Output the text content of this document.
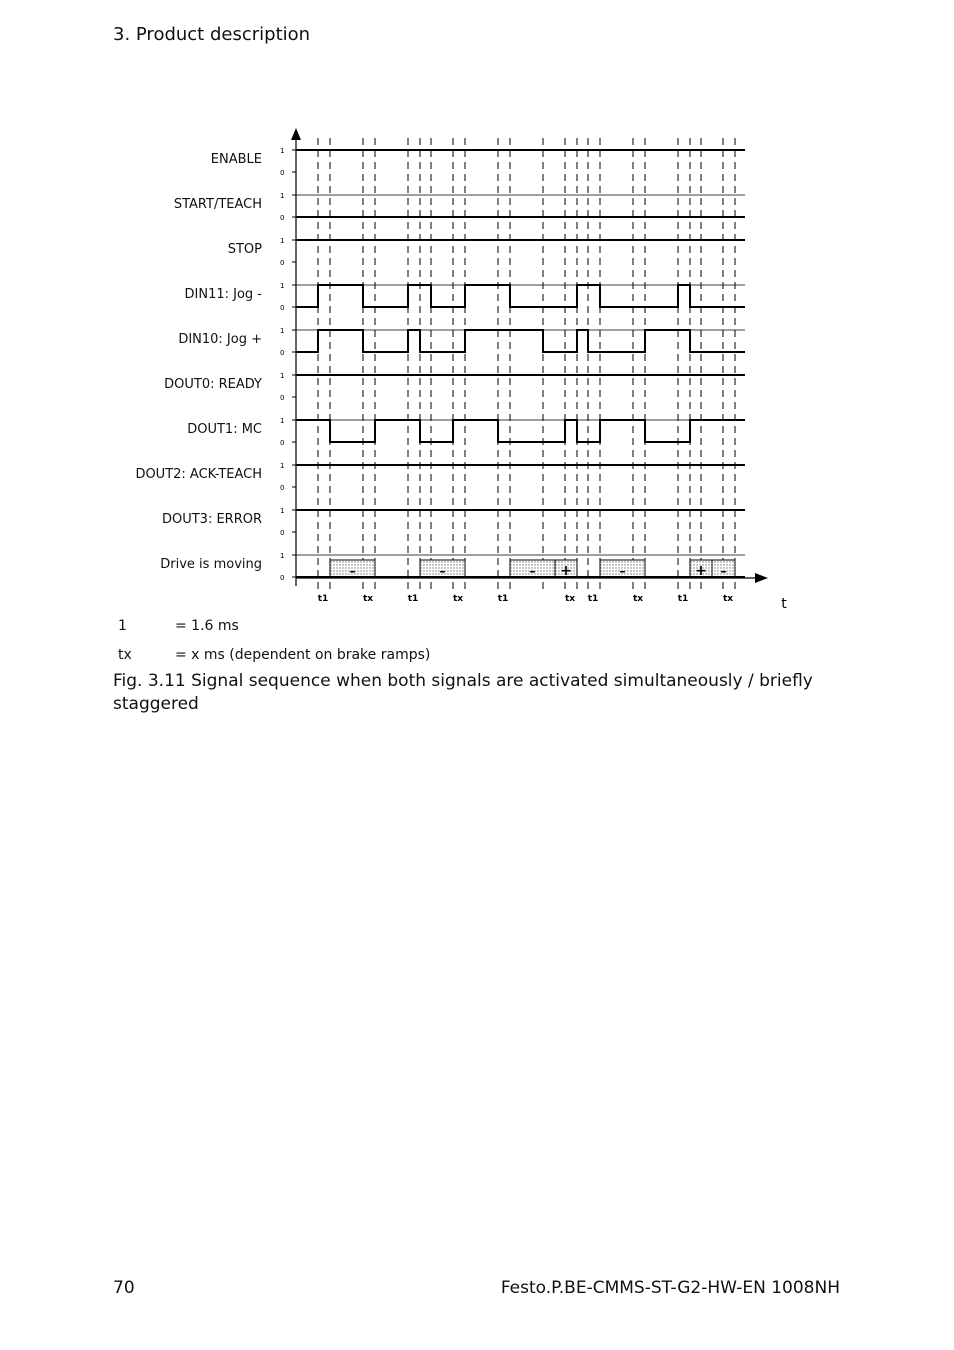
3. Product description
–	–	– +	–	+ –
1
0
1
0
1
0
1
0
1
0
1
0
1
0
1
0
1
0
1
0
t1	tx	t1	tx	t1	tx t1	tx	t1	tx	t
ENABLE
START/TEACH
STOP
DIN11: Jog -
DIN10: Jog +
DOUT0: READY
DOUT1: MC
DOUT2: ACK-TEACH
DOUT3: ERROR
Drive is moving
1	= 1.6 ms
tx	= x ms (dependent on brake ramps)
Fig. 3.11 Signal sequence when both signals are activated simultaneously / briefly staggered
70	Festo.P.BE-CMMS-ST-G2-HW-EN 1008NH
